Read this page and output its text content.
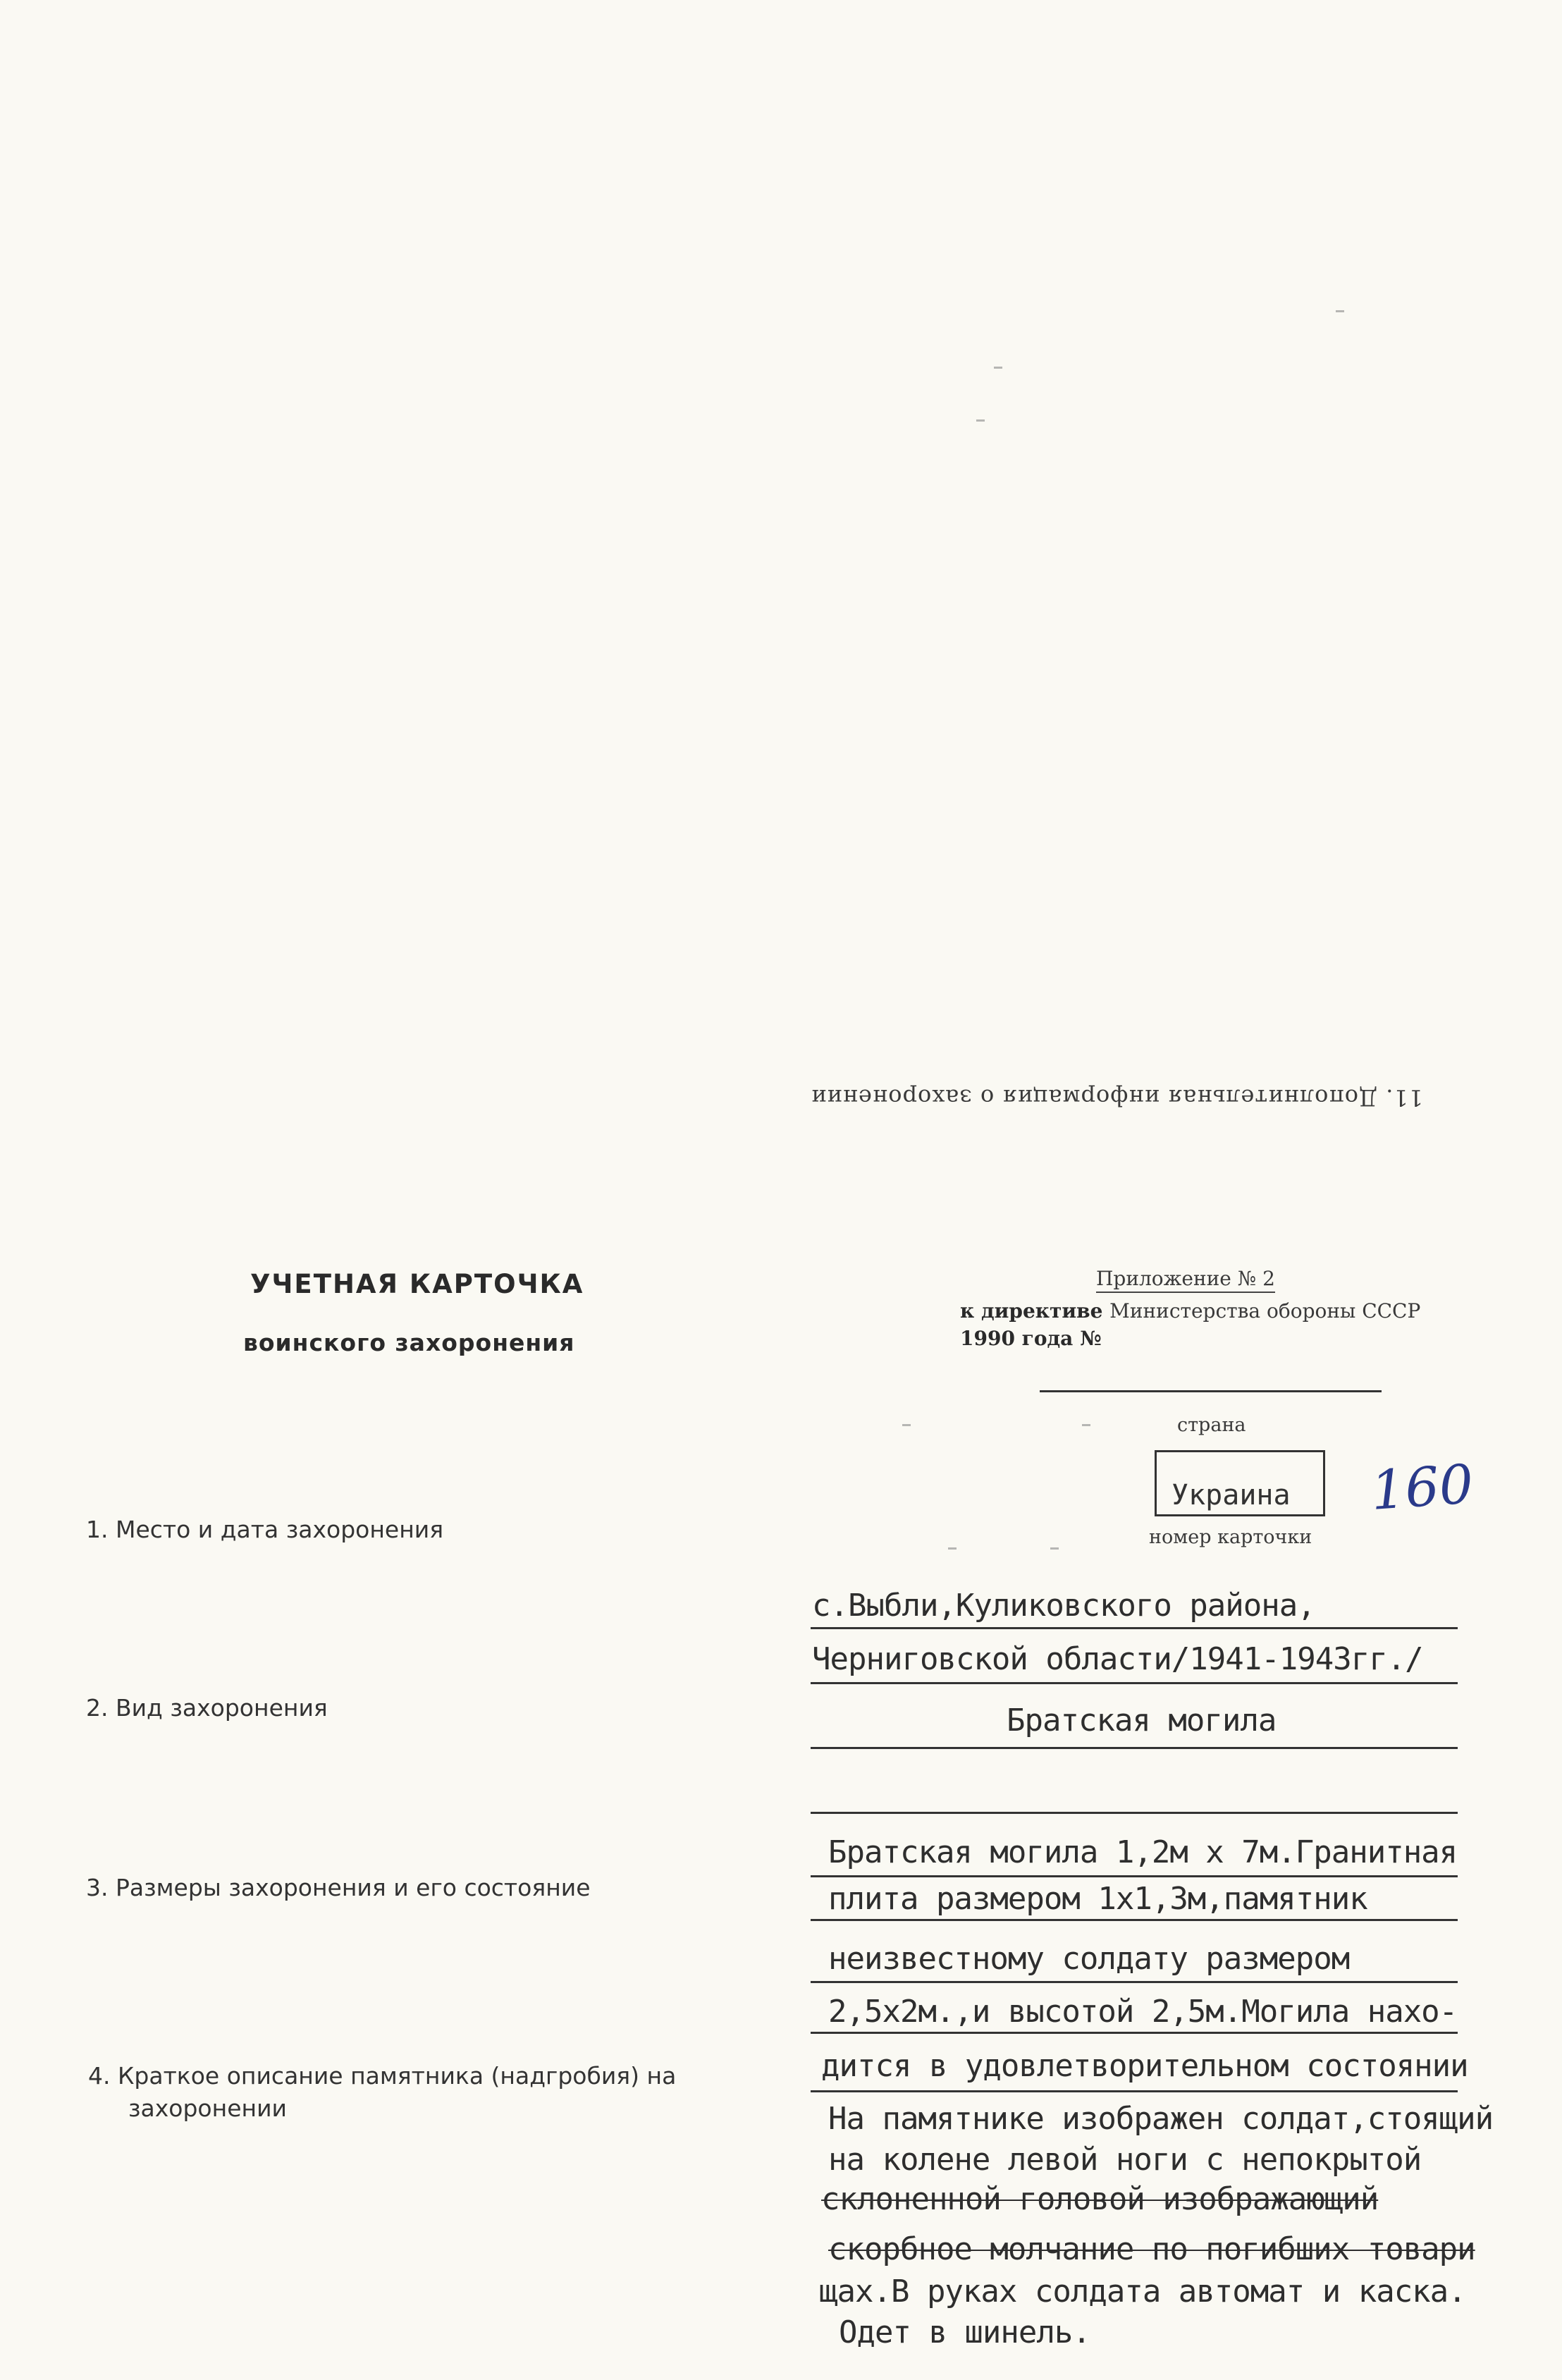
11. Дополнительная информация о захоронении
УЧЕТНАЯ КАРТОЧКА
воинского захоронения
Приложение № 2
к директиве Министерства обороны СССР
1990 года №
страна
Украина
номер карточки
160
1. Место и дата захоронения
2. Вид захоронения
3. Размеры захоронения и его состояние
4. Краткое описание памятника (надгробия) на
захоронении
с.Выбли,Куликовского района,
Черниговской области/1941-1943гг./
Братская могила
Братская могила 1,2м х 7м.Гранитная
плита размером 1х1,3м,памятник
неизвестному солдату размером
2,5х2м.,и высотой 2,5м.Могила нахо-
дится в удовлетворительном состоянии
На памятнике изображен солдат,стоящий
на колене левой ноги с непокрытой
склоненной головой изображающий
скорбное молчание по погибших товари
щах.В руках солдата автомат и каска.
Одет в шинель.
